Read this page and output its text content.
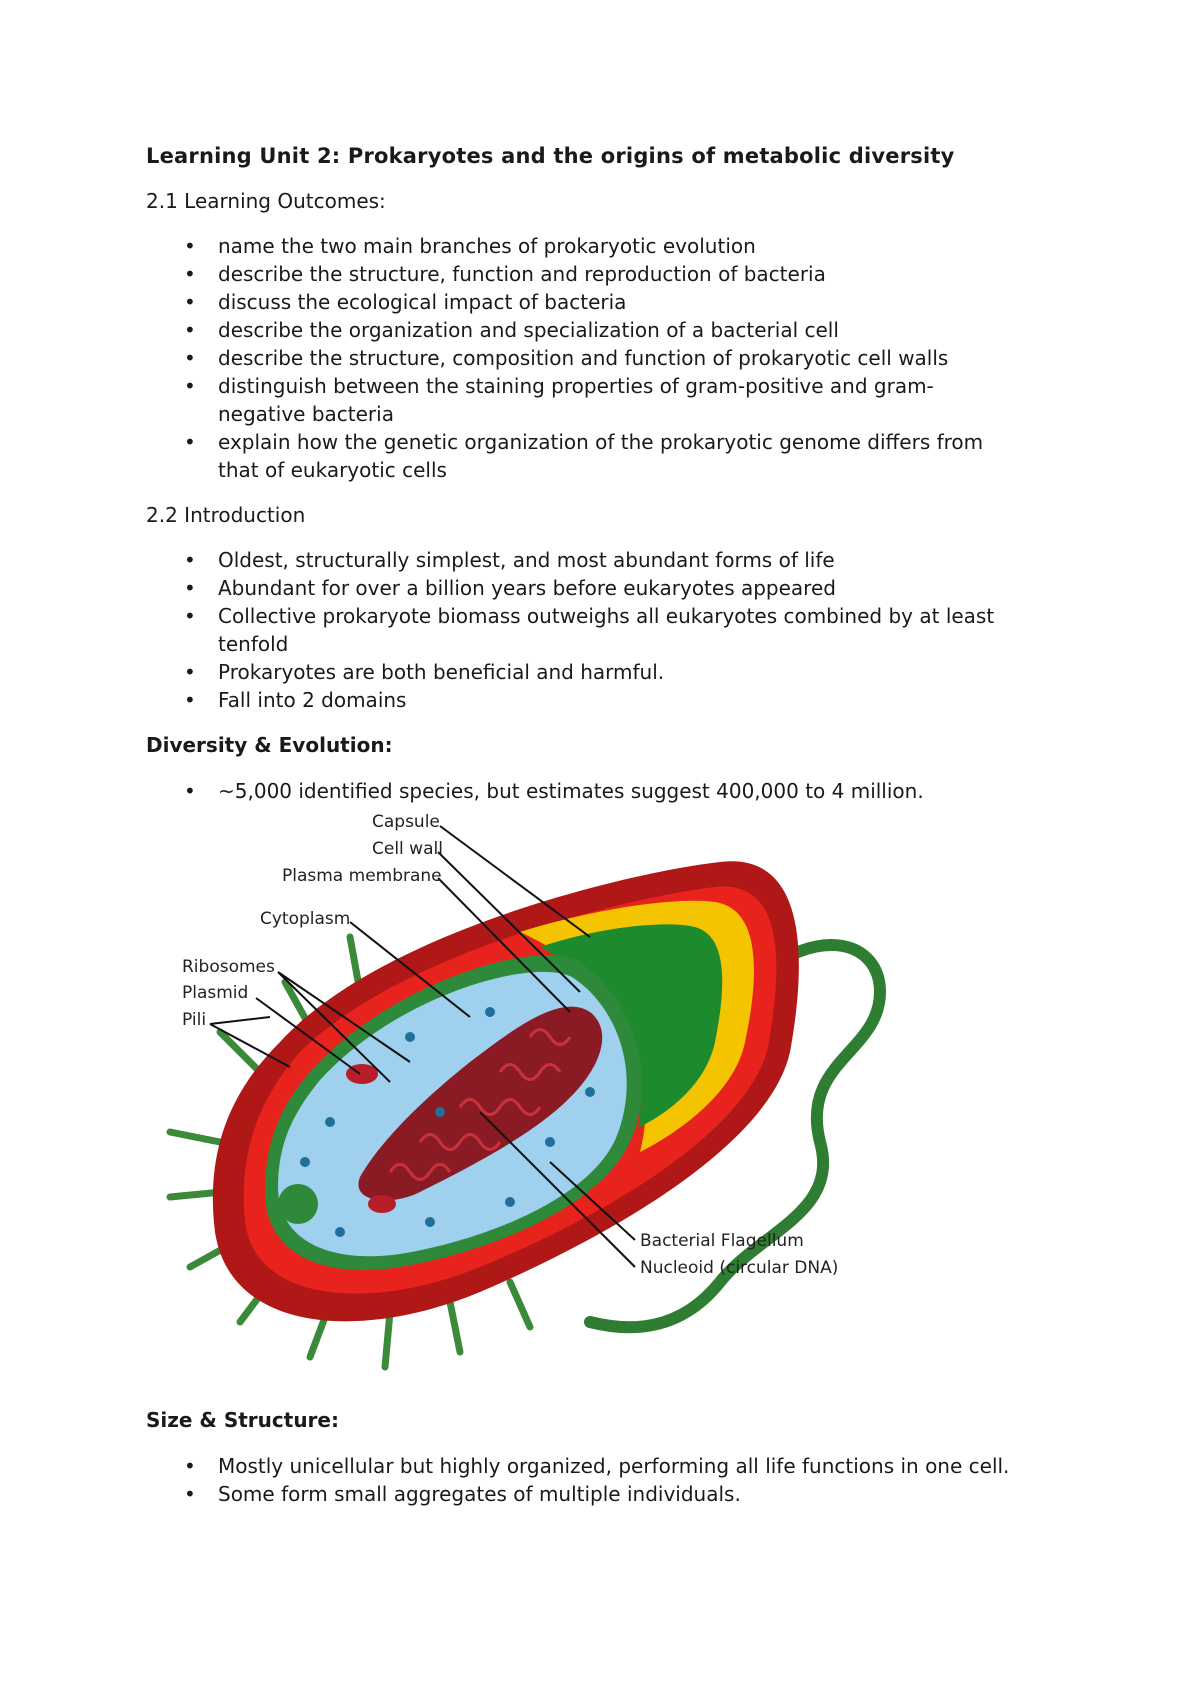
Learning Unit 2: Prokaryotes and the origins of metabolic diversity
2.1 Learning Outcomes:
• name the two main branches of prokaryotic evolution
• describe the structure, function and reproduction of bacteria
• discuss the ecological impact of bacteria
• describe the organization and specialization of a bacterial cell
• describe the structure, composition and function of prokaryotic cell walls
• distinguish between the staining properties of gram-positive and gram-negative bacteria
• explain how the genetic organization of the prokaryotic genome differs from that of eukaryotic cells
2.2 Introduction
• Oldest, structurally simplest, and most abundant forms of life
• Abundant for over a billion years before eukaryotes appeared
• Collective prokaryote biomass outweighs all eukaryotes combined by at least tenfold
• Prokaryotes are both beneficial and harmful.
• Fall into 2 domains
Diversity & Evolution:
• ~5,000 identified species, but estimates suggest 400,000 to 4 million.
Capsule
Cell wall
Plasma membrane
Cytoplasm
Ribosomes
Plasmid
Pili
Bacterial Flagellum
Nucleoid (circular DNA)
Size & Structure:
• Mostly unicellular but highly organized, performing all life functions in one cell.
• Some form small aggregates of multiple individuals.
